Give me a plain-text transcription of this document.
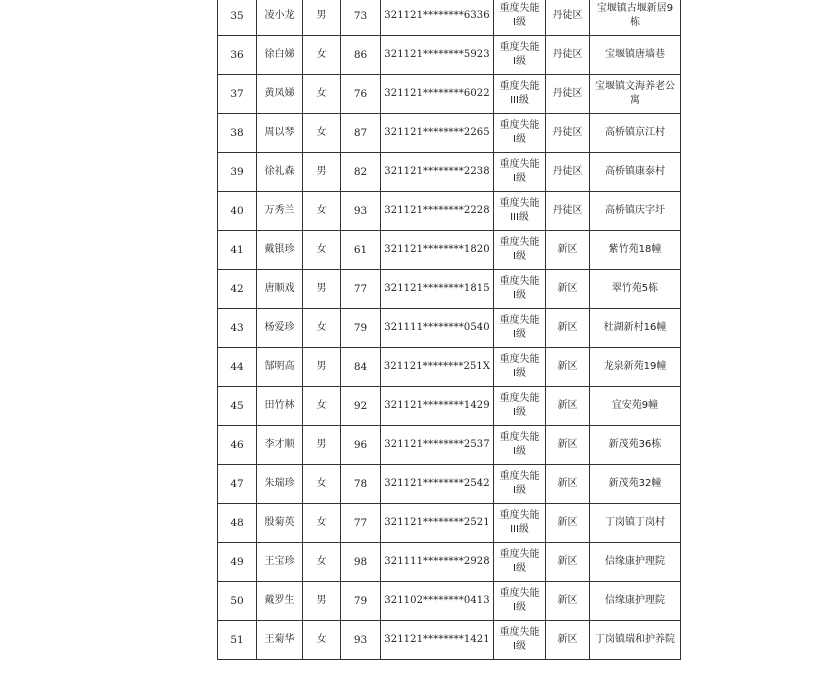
35	凌小龙	男	73	321121********6336	重度失能
I级	丹徒区	宝堰镇古堰新居9栋
36	徐白娣	女	86	321121********5923	重度失能
I级	丹徒区	宝堰镇唐墙巷
37	黄凤娣	女	76	321121********6022	重度失能
III级	丹徒区	宝堰镇文海养老公寓
38	周以琴	女	87	321121********2265	重度失能
I级	丹徒区	高桥镇京江村
39	徐礼森	男	82	321121********2238	重度失能
I级	丹徒区	高桥镇康泰村
40	万秀兰	女	93	321121********2228	重度失能
III级	丹徒区	高桥镇庆字圩
41	戴银珍	女	61	321121********1820	重度失能
I级	新区	紫竹苑18幢
42	唐顺戏	男	77	321121********1815	重度失能
I级	新区	翠竹苑5栋
43	杨爱珍	女	79	321111********0540	重度失能
I级	新区	杜湖新村16幢
44	郜明高	男	84	321121********251X	重度失能
I级	新区	龙泉新苑19幢
45	田竹林	女	92	321121********1429	重度失能
I级	新区	宜安苑9幢
46	李才顺	男	96	321121********2537	重度失能
I级	新区	新茂苑36栋
47	朱瑞珍	女	78	321121********2542	重度失能
I级	新区	新茂苑32幢
48	殷菊英	女	77	321121********2521	重度失能
III级	新区	丁岗镇丁岗村
49	王宝珍	女	98	321111********2928	重度失能
I级	新区	信缘康护理院
50	戴罗生	男	79	321102********0413	重度失能
I级	新区	信缘康护理院
51	王菊华	女	93	321121********1421	重度失能
I级	新区	丁岗镇瑞和护养院
